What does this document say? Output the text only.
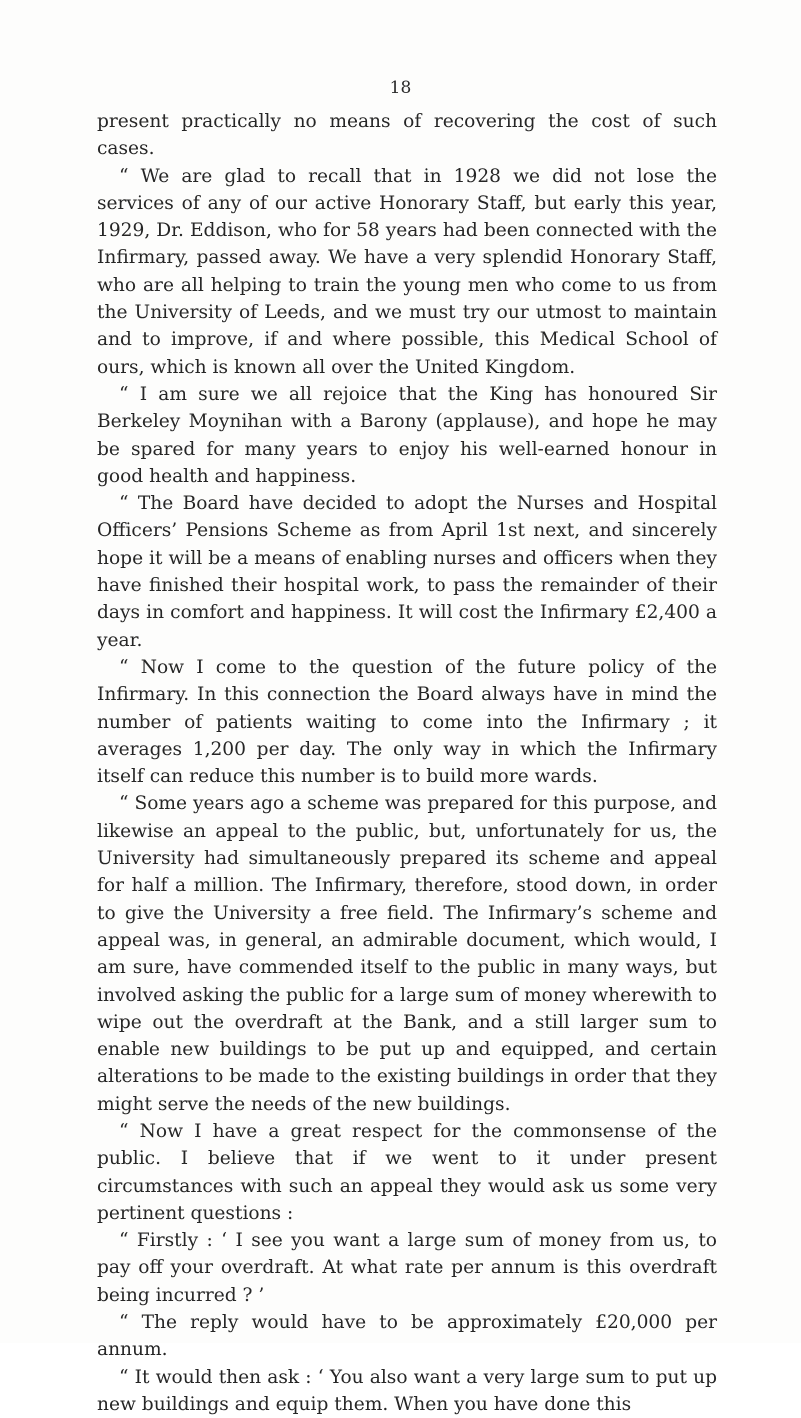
18

present practically no means of recovering the cost of such cases.

“ We are glad to recall that in 1928 we did not lose the services of any of our active Honorary Staff, but early this year, 1929, Dr. Eddison, who for 58 years had been connected with the Infirmary, passed away. We have a very splendid Honorary Staff, who are all helping to train the young men who come to us from the University of Leeds, and we must try our utmost to maintain and to improve, if and where possible, this Medical School of ours, which is known all over the United Kingdom.

“ I am sure we all rejoice that the King has honoured Sir Berkeley Moynihan with a Barony (applause), and hope he may be spared for many years to enjoy his well-earned honour in good health and happiness.

“ The Board have decided to adopt the Nurses and Hospital Officers’ Pensions Scheme as from April 1st next, and sincerely hope it will be a means of enabling nurses and officers when they have finished their hospital work, to pass the remainder of their days in comfort and happiness. It will cost the Infirmary £2,400 a year.

“ Now I come to the question of the future policy of the Infirmary. In this connection the Board always have in mind the number of patients waiting to come into the Infirmary ; it averages 1,200 per day. The only way in which the Infirmary itself can reduce this number is to build more wards.

“ Some years ago a scheme was prepared for this purpose, and likewise an appeal to the public, but, unfortunately for us, the University had simultaneously prepared its scheme and appeal for half a million. The Infirmary, therefore, stood down, in order to give the University a free field. The Infirmary’s scheme and appeal was, in general, an admirable document, which would, I am sure, have commended itself to the public in many ways, but involved asking the public for a large sum of money wherewith to wipe out the overdraft at the Bank, and a still larger sum to enable new buildings to be put up and equipped, and certain alterations to be made to the existing buildings in order that they might serve the needs of the new buildings.

“ Now I have a great respect for the commonsense of the public. I believe that if we went to it under present circumstances with such an appeal they would ask us some very pertinent questions :

“ Firstly : ‘ I see you want a large sum of money from us, to pay off your overdraft. At what rate per annum is this overdraft being incurred ? ’

“ The reply would have to be approximately £20,000 per annum.

“ It would then ask : ‘ You also want a very large sum to put up new buildings and equip them. When you have done this
